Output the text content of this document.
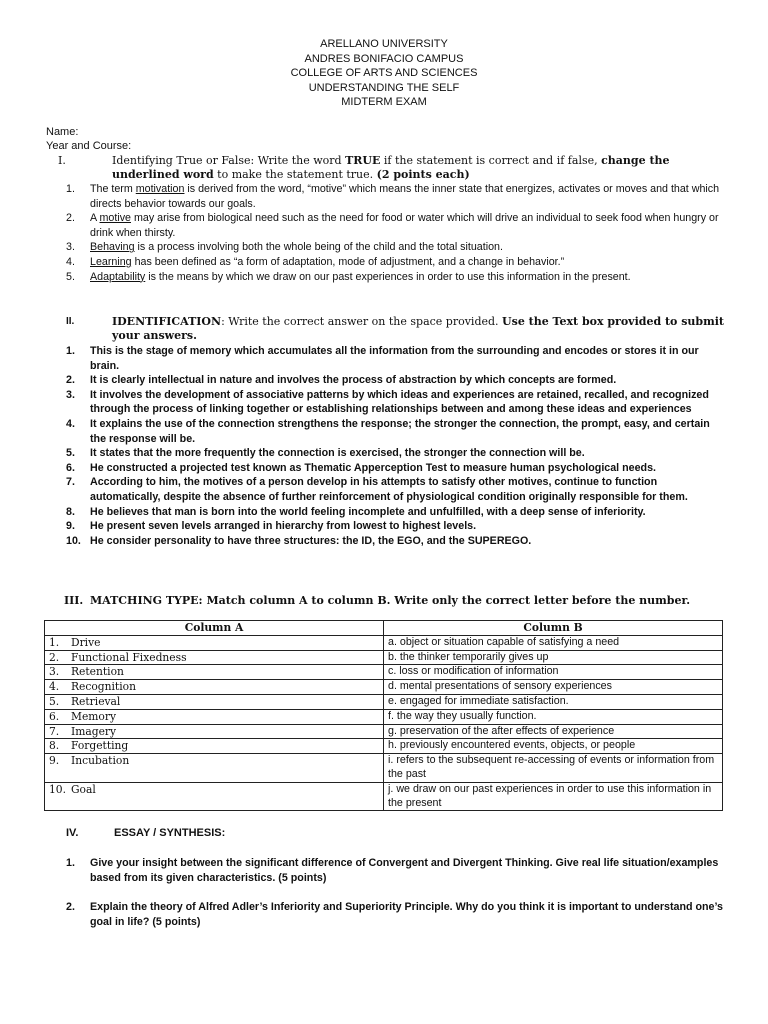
ARELLANO UNIVERSITY
ANDRES BONIFACIO CAMPUS
COLLEGE OF ARTS AND SCIENCES
UNDERSTANDING THE SELF
MIDTERM EXAM
Name:
Year and Course:
I.	Identifying True or False: Write the word TRUE if the statement is correct and if false, change the underlined word to make the statement true. (2 points each)
1. The term motivation is derived from the word, “motive” which means the inner state that energizes, activates or moves and that which directs behavior towards our goals.
2. A motive may arise from biological need such as the need for food or water which will drive an individual to seek food when hungry or drink when thirsty.
3. Behaving is a process involving both the whole being of the child and the total situation.
4. Learning has been defined as “a form of adaptation, mode of adjustment, and a change in behavior.”
5. Adaptability is the means by which we draw on our past experiences in order to use this information in the present.
II.	IDENTIFICATION: Write the correct answer on the space provided. Use the Text box provided to submit your answers.
1. This is the stage of memory which accumulates all the information from the surrounding and encodes or stores it in our brain.
2. It is clearly intellectual in nature and involves the process of abstraction by which concepts are formed.
3. It involves the development of associative patterns by which ideas and experiences are retained, recalled, and recognized through the process of linking together or establishing relationships between and among these ideas and experiences
4. It explains the use of the connection strengthens the response; the stronger the connection, the prompt, easy, and certain the response will be.
5. It states that the more frequently the connection is exercised, the stronger the connection will be.
6. He constructed a projected test known as Thematic Apperception Test to measure human psychological needs.
7. According to him, the motives of a person develop in his attempts to satisfy other motives, continue to function automatically, despite the absence of further reinforcement of physiological condition originally responsible for them.
8. He believes that man is born into the world feeling incomplete and unfulfilled, with a deep sense of inferiority.
9. He present seven levels arranged in hierarchy from lowest to highest levels.
10. He consider personality to have three structures: the ID, the EGO, and the SUPEREGO.
III. MATCHING TYPE: Match column A to column B. Write only the correct letter before the number.
Column A	Column B
1. Drive	a. object or situation capable of satisfying a need
2. Functional Fixedness	b. the thinker temporarily gives up
3. Retention	c. loss or modification of information
4. Recognition	d. mental presentations of sensory experiences
5. Retrieval	e. engaged for immediate satisfaction.
6. Memory	f. the way they usually function.
7. Imagery	g. preservation of the after effects of experience
8. Forgetting	h. previously encountered events, objects, or people
9. Incubation	i. refers to the subsequent re-accessing of events or information from the past
10. Goal	j. we draw on our past experiences in order to use this information in the present
IV.	ESSAY / SYNTHESIS:
1. Give your insight between the significant difference of Convergent and Divergent Thinking. Give real life situation/examples based from its given characteristics. (5 points)
2. Explain the theory of Alfred Adler’s Inferiority and Superiority Principle. Why do you think it is important to understand one’s goal in life? (5 points)
